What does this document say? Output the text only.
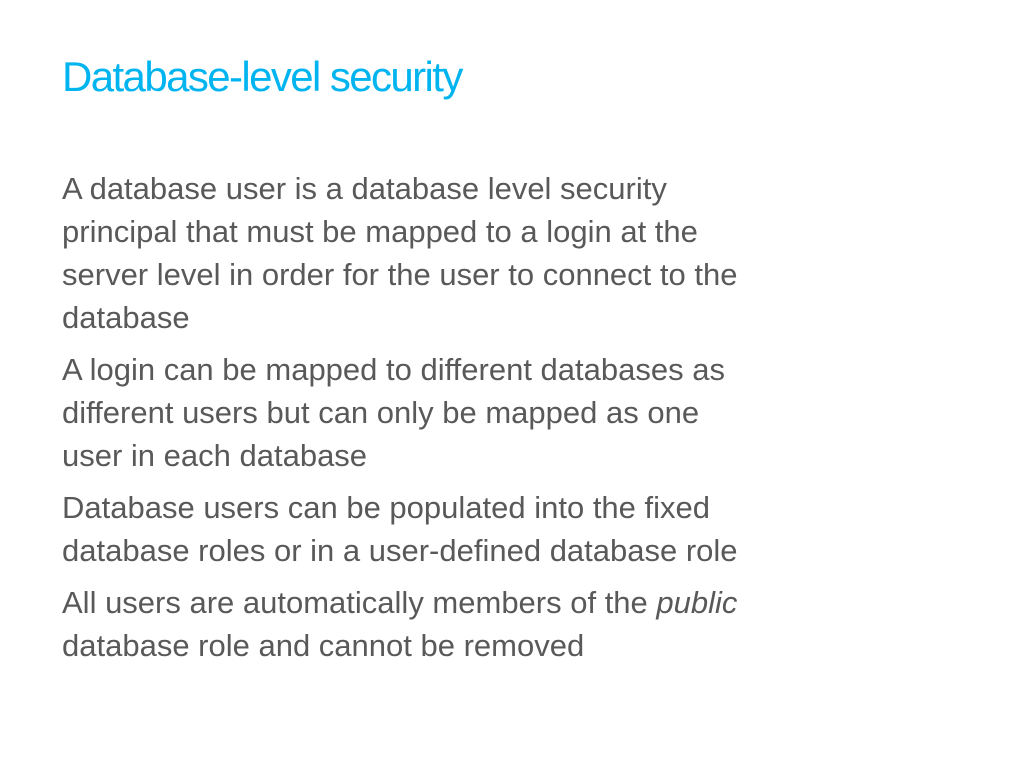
Database-level security

A database user is a database level security
principal that must be mapped to a login at the
server level in order for the user to connect to the
database

A login can be mapped to different databases as
different users but can only be mapped as one
user in each database

Database users can be populated into the fixed
database roles or in a user-defined database role

All users are automatically members of the public
database role and cannot be removed
